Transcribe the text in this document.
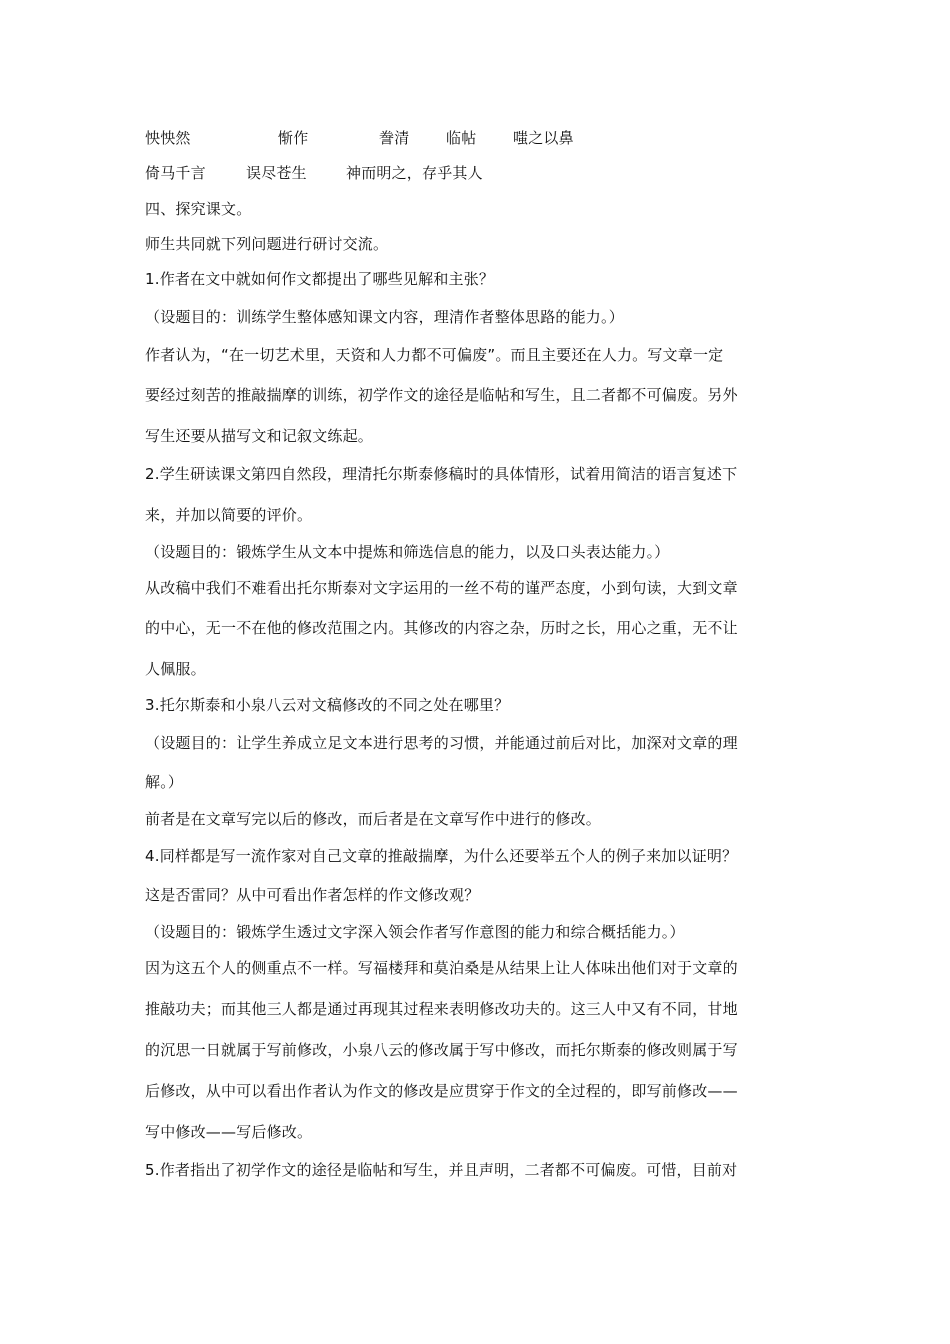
怏怏然	惭作	誊清 临帖 嗤之以鼻
倚马千言	误尽苍生	神而明之，存乎其人
四、探究课文。
师生共同就下列问题进行研讨交流。
1.作者在文中就如何作文都提出了哪些见解和主张？
（设题目的：训练学生整体感知课文内容，理清作者整体思路的能力。）
作者认为，“在一切艺术里，天资和人力都不可偏废”。而且主要还在人力。写文章一定
要经过刻苦的推敲揣摩的训练，初学作文的途径是临帖和写生，且二者都不可偏废。另外
写生还要从描写文和记叙文练起。
2.学生研读课文第四自然段，理清托尔斯泰修稿时的具体情形，试着用简洁的语言复述下
来，并加以简要的评价。
（设题目的：锻炼学生从文本中提炼和筛选信息的能力，以及口头表达能力。）
从改稿中我们不难看出托尔斯泰对文字运用的一丝不苟的谨严态度，小到句读，大到文章
的中心，无一不在他的修改范围之内。其修改的内容之杂，历时之长，用心之重，无不让
人佩服。
3.托尔斯泰和小泉八云对文稿修改的不同之处在哪里？
（设题目的：让学生养成立足文本进行思考的习惯，并能通过前后对比，加深对文章的理
解。）
前者是在文章写完以后的修改，而后者是在文章写作中进行的修改。
4.同样都是写一流作家对自己文章的推敲揣摩，为什么还要举五个人的例子来加以证明？
这是否雷同？从中可看出作者怎样的作文修改观？
（设题目的：锻炼学生透过文字深入领会作者写作意图的能力和综合概括能力。）
因为这五个人的侧重点不一样。写福楼拜和莫泊桑是从结果上让人体味出他们对于文章的
推敲功夫；而其他三人都是通过再现其过程来表明修改功夫的。这三人中又有不同，甘地
的沉思一日就属于写前修改，小泉八云的修改属于写中修改，而托尔斯泰的修改则属于写
后修改，从中可以看出作者认为作文的修改是应贯穿于作文的全过程的，即写前修改——
写中修改——写后修改。
5.作者指出了初学作文的途径是临帖和写生，并且声明，二者都不可偏废。可惜，目前对
